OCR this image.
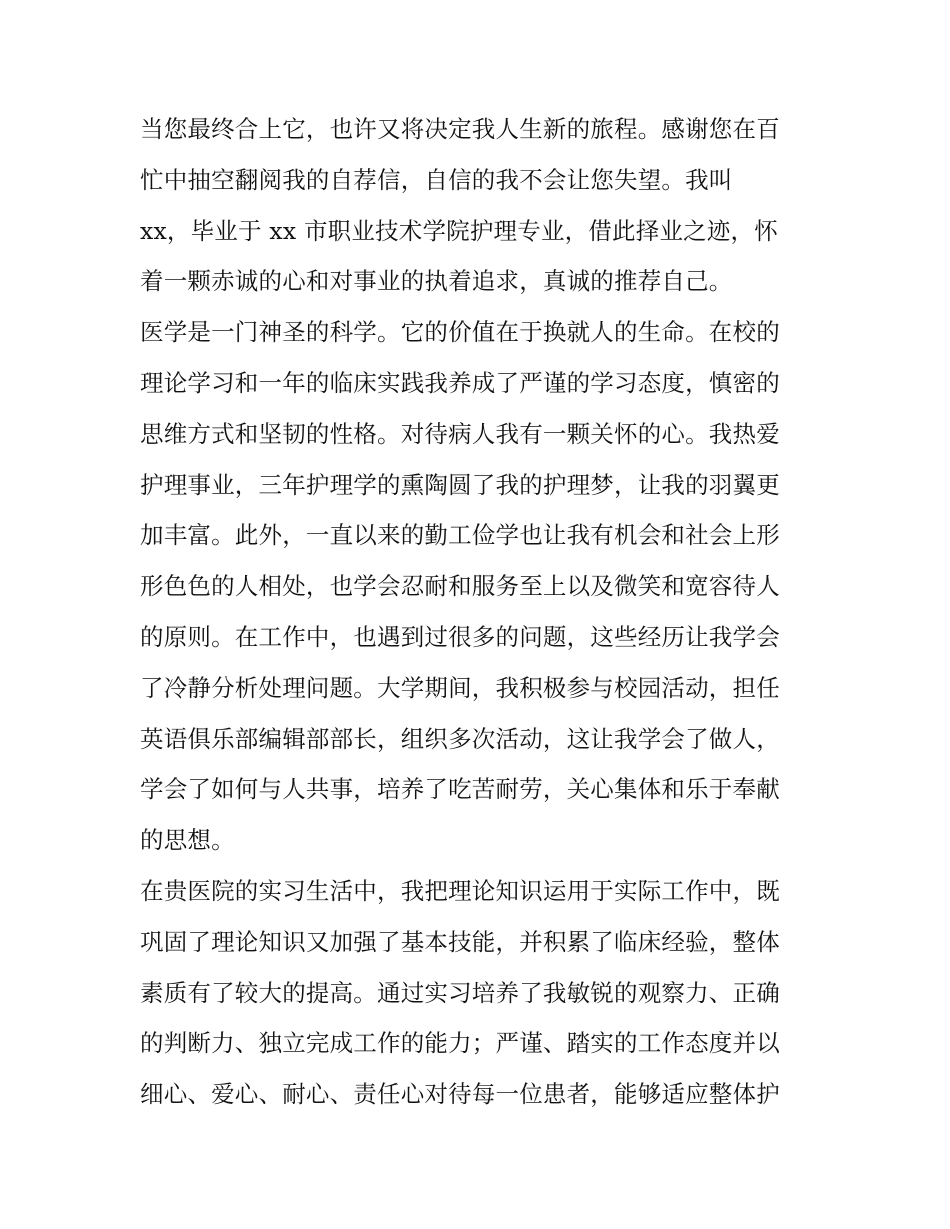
当您最终合上它，也许又将决定我人生新的旅程。感谢您在百
忙中抽空翻阅我的自荐信，自信的我不会让您失望。我叫
xx，毕业于 xx 市职业技术学院护理专业，借此择业之迹，怀
着一颗赤诚的心和对事业的执着追求，真诚的推荐自己。
医学是一门神圣的科学。它的价值在于换就人的生命。在校的
理论学习和一年的临床实践我养成了严谨的学习态度，慎密的
思维方式和坚韧的性格。对待病人我有一颗关怀的心。我热爱
护理事业，三年护理学的熏陶圆了我的护理梦，让我的羽翼更
加丰富。此外，一直以来的勤工俭学也让我有机会和社会上形
形色色的人相处，也学会忍耐和服务至上以及微笑和宽容待人
的原则。在工作中，也遇到过很多的问题，这些经历让我学会
了冷静分析处理问题。大学期间，我积极参与校园活动，担任
英语俱乐部编辑部部长，组织多次活动，这让我学会了做人，
学会了如何与人共事，培养了吃苦耐劳，关心集体和乐于奉献
的思想。
在贵医院的实习生活中，我把理论知识运用于实际工作中，既
巩固了理论知识又加强了基本技能，并积累了临床经验，整体
素质有了较大的提高。通过实习培养了我敏锐的观察力、正确
的判断力、独立完成工作的能力；严谨、踏实的工作态度并以
细心、爱心、耐心、责任心对待每一位患者，能够适应整体护
